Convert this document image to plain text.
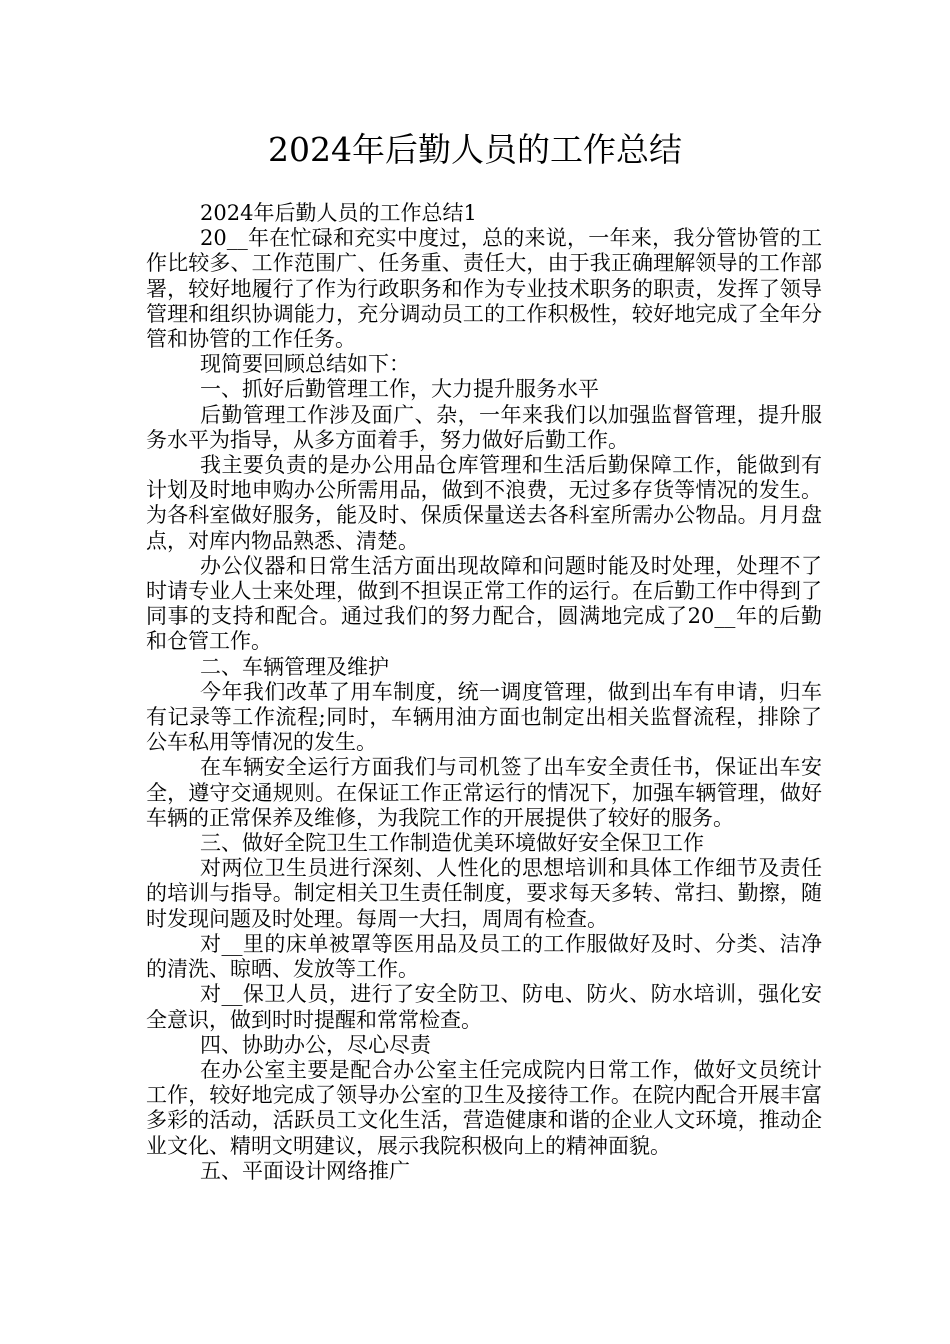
2024年后勤人员的工作总结

2024年后勤人员的工作总结1

20__年在忙碌和充实中度过，总的来说，一年来，我分管协管的工作比较多、工作范围广、任务重、责任大，由于我正确理解领导的工作部署，较好地履行了作为行政职务和作为专业技术职务的职责，发挥了领导管理和组织协调能力，充分调动员工的工作积极性，较好地完成了全年分管和协管的工作任务。

现简要回顾总结如下：

一、抓好后勤管理工作，大力提升服务水平

后勤管理工作涉及面广、杂，一年来我们以加强监督管理，提升服务水平为指导，从多方面着手，努力做好后勤工作。

我主要负责的是办公用品仓库管理和生活后勤保障工作，能做到有计划及时地申购办公所需用品，做到不浪费，无过多存货等情况的发生。为各科室做好服务，能及时、保质保量送去各科室所需办公物品。月月盘点，对库内物品熟悉、清楚。

办公仪器和日常生活方面出现故障和问题时能及时处理，处理不了时请专业人士来处理，做到不担误正常工作的运行。在后勤工作中得到了同事的支持和配合。通过我们的努力配合，圆满地完成了20__年的后勤和仓管工作。

二、车辆管理及维护

今年我们改革了用车制度，统一调度管理，做到出车有申请，归车有记录等工作流程;同时，车辆用油方面也制定出相关监督流程，排除了公车私用等情况的发生。

在车辆安全运行方面我们与司机签了出车安全责任书，保证出车安全，遵守交通规则。在保证工作正常运行的情况下，加强车辆管理，做好车辆的正常保养及维修，为我院工作的开展提供了较好的服务。

三、做好全院卫生工作制造优美环境做好安全保卫工作

对两位卫生员进行深刻、人性化的思想培训和具体工作细节及责任的培训与指导。制定相关卫生责任制度，要求每天多转、常扫、勤擦，随时发现问题及时处理。每周一大扫，周周有检查。

对__里的床单被罩等医用品及员工的工作服做好及时、分类、洁净的清洗、晾晒、发放等工作。

对__保卫人员，进行了安全防卫、防电、防火、防水培训，强化安全意识，做到时时提醒和常常检查。

四、协助办公，尽心尽责

在办公室主要是配合办公室主任完成院内日常工作，做好文员统计工作，较好地完成了领导办公室的卫生及接待工作。在院内配合开展丰富多彩的活动，活跃员工文化生活，营造健康和谐的企业人文环境，推动企业文化、精明文明建议，展示我院积极向上的精神面貌。

五、平面设计网络推广
